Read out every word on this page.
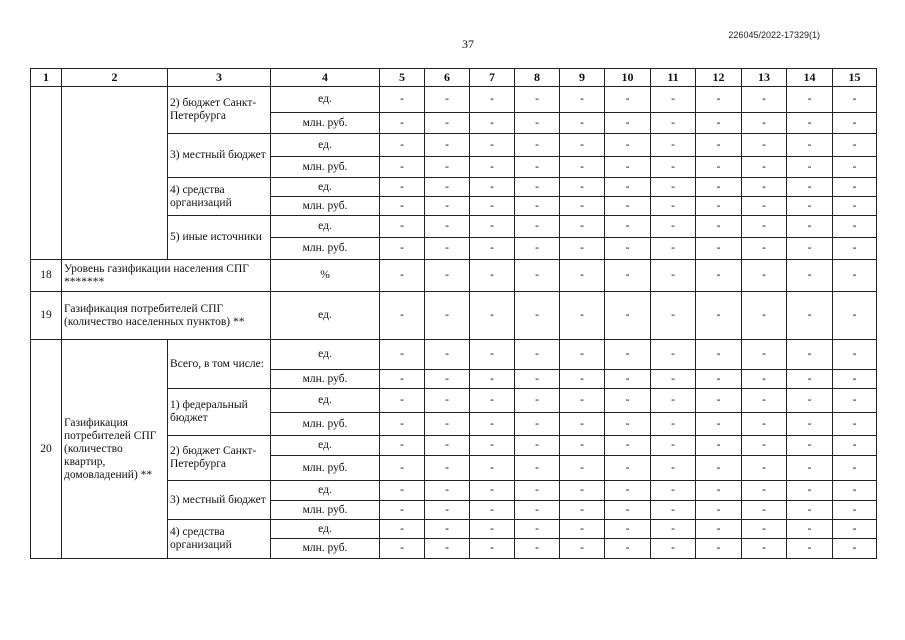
226045/2022-17329(1)
37
1	2	3	4	5	6	7	8	9	10	11	12	13	14	15
		2) бюджет Санкт-Петербурга	ед.	-	-	-	-	-	-	-	-	-	-	-
			млн. руб.	-	-	-	-	-	-	-	-	-	-	-
		3) местный бюджет	ед.	-	-	-	-	-	-	-	-	-	-	-
			млн. руб.	-	-	-	-	-	-	-	-	-	-	-
		4) средства организаций	ед.	-	-	-	-	-	-	-	-	-	-	-
			млн. руб.	-	-	-	-	-	-	-	-	-	-	-
		5) иные источники	ед.	-	-	-	-	-	-	-	-	-	-	-
			млн. руб.	-	-	-	-	-	-	-	-	-	-	-
18	Уровень газификации населения СПГ *******		%	-	-	-	-	-	-	-	-	-	-	-
19	Газификация потребителей СПГ (количество населенных пунктов) **		ед.	-	-	-	-	-	-	-	-	-	-	-
20	Газификация потребителей СПГ (количество квартир, домовладений) **	Всего, в том числе:	ед.	-	-	-	-	-	-	-	-	-	-	-
			млн. руб.	-	-	-	-	-	-	-	-	-	-	-
		1) федеральный бюджет	ед.	-	-	-	-	-	-	-	-	-	-	-
			млн. руб.	-	-	-	-	-	-	-	-	-	-	-
		2) бюджет Санкт-Петербурга	ед.	-	-	-	-	-	-	-	-	-	-	-
			млн. руб.	-	-	-	-	-	-	-	-	-	-	-
		3) местный бюджет	ед.	-	-	-	-	-	-	-	-	-	-	-
			млн. руб.	-	-	-	-	-	-	-	-	-	-	-
		4) средства организаций	ед.	-	-	-	-	-	-	-	-	-	-	-
			млн. руб.	-	-	-	-	-	-	-	-	-	-	-
